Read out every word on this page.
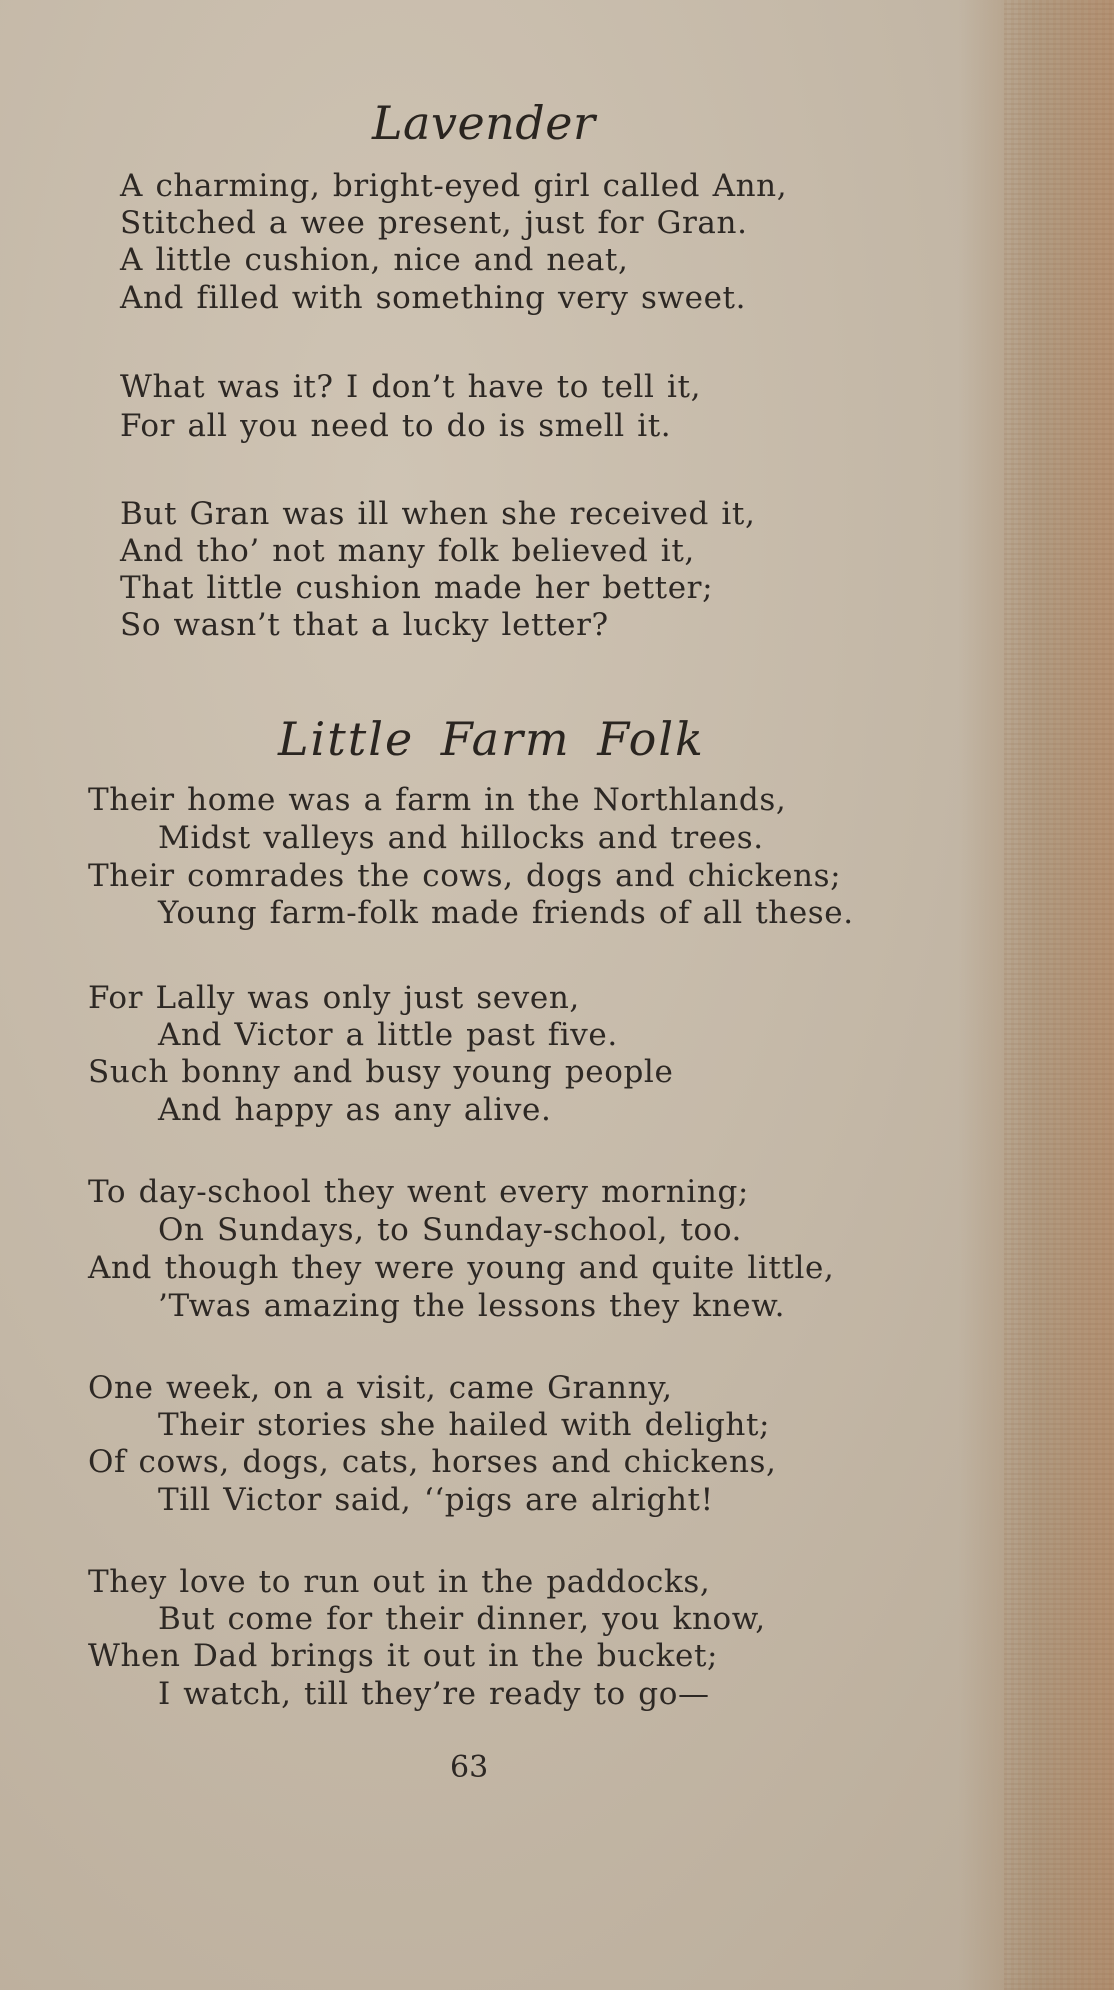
Lavender
A charming, bright-eyed girl called Ann,
Stitched a wee present, just for Gran.
A little cushion, nice and neat,
And filled with something very sweet.
What was it? I don’t have to tell it,
For all you need to do is smell it.
But Gran was ill when she received it,
And tho’ not many folk believed it,
That little cushion made her better;
So wasn’t that a lucky letter?
Little Farm Folk
Their home was a farm in the Northlands,
Midst valleys and hillocks and trees.
Their comrades the cows, dogs and chickens;
Young farm-folk made friends of all these.
For Lally was only just seven,
And Victor a little past five.
Such bonny and busy young people
And happy as any alive.
To day-school they went every morning;
On Sundays, to Sunday-school, too.
And though they were young and quite little,
’Twas amazing the lessons they knew.
One week, on a visit, came Granny,
Their stories she hailed with delight;
Of cows, dogs, cats, horses and chickens,
Till Victor said, ‘‘pigs are alright!
They love to run out in the paddocks,
But come for their dinner, you know,
When Dad brings it out in the bucket;
I watch, till they’re ready to go—
63
